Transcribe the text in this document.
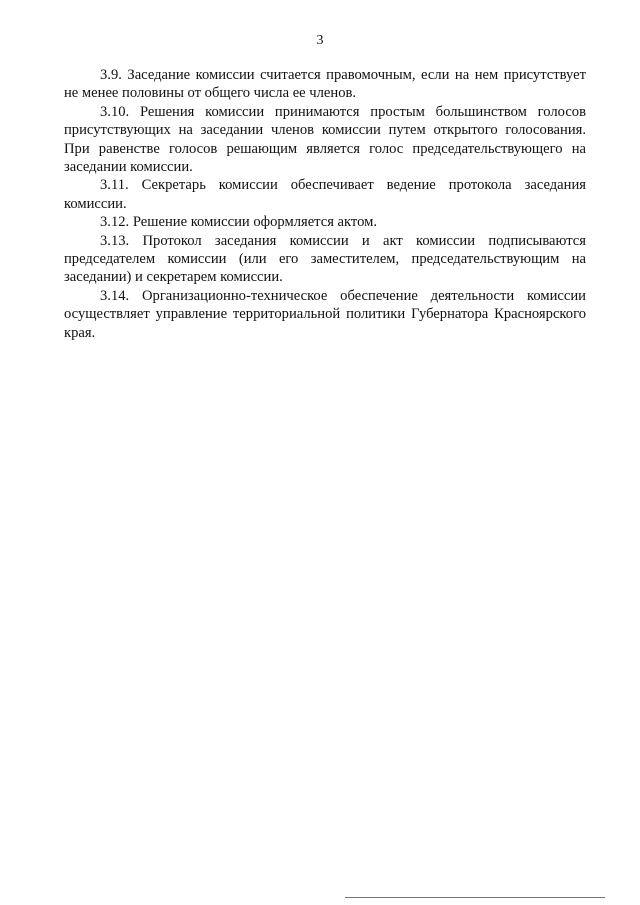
3

3.9. Заседание комиссии считается правомочным, если на нем присутствует не менее половины от общего числа ее членов.

3.10. Решения комиссии принимаются простым большинством голосов присутствующих на заседании членов комиссии путем открытого голосования. При равенстве голосов решающим является голос председательствующего на заседании комиссии.

3.11. Секретарь комиссии обеспечивает ведение протокола заседания комиссии.

3.12. Решение комиссии оформляется актом.

3.13. Протокол заседания комиссии и акт комиссии подписываются председателем комиссии (или его заместителем, председательствующим на заседании) и секретарем комиссии.

3.14. Организационно-техническое обеспечение деятельности комиссии осуществляет управление территориальной политики Губернатора Красноярского края.
